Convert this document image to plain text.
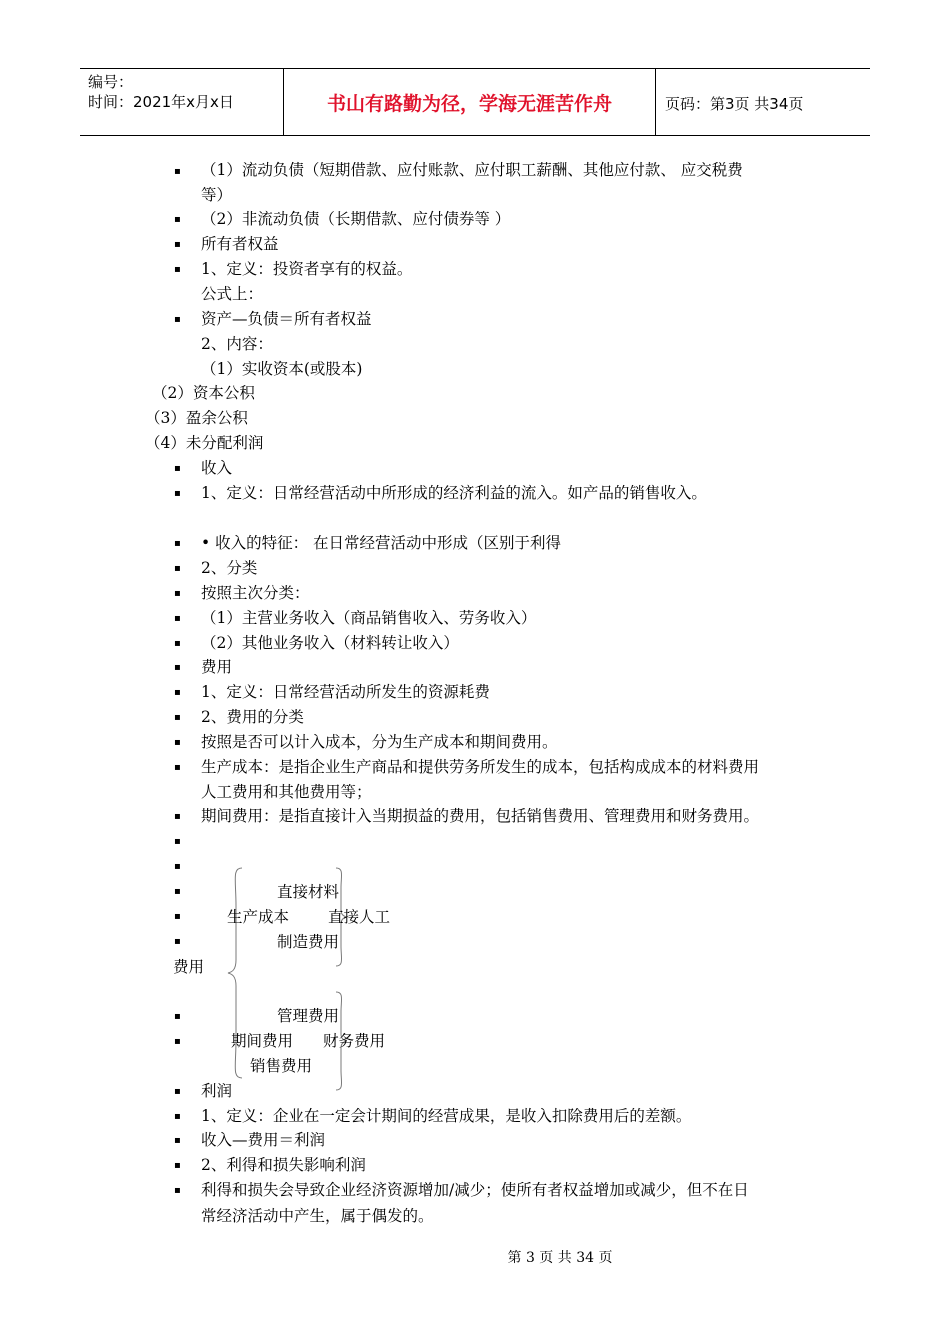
编号：
时间：2021年x月x日	书山有路勤为径，学海无涯苦作舟	页码：第3页 共34页
▪
▪
▪
▪
▪
▪
▪
▪
▪
▪
▪
▪
▪
▪
▪
▪
▪
▪
▪
▪
▪
▪
▪
▪
▪
▪
▪
▪
▪
▪
（1）流动负债（短期借款、应付账款、应付职工薪酬、其他应付款、 应交税费
等）
（2）非流动负债（长期借款、应付债券等 ）
所有者权益
1、定义：投资者享有的权益。
公式上：
资产—负债＝所有者权益
2、内容：
（1）实收资本(或股本)
（2）资本公积
（3）盈余公积
（4）未分配利润
收入
1、定义：日常经营活动中所形成的经济利益的流入。如产品的销售收入。
• 收入的特征： 在日常经营活动中形成（区别于利得
2、分类
按照主次分类：
（1）主营业务收入（商品销售收入、劳务收入）
（2）其他业务收入（材料转让收入）
费用
1、定义：日常经营活动所发生的资源耗费
2、费用的分类
按照是否可以计入成本，分为生产成本和期间费用。
生产成本：是指企业生产商品和提供劳务所发生的成本，包括构成成本的材料费用
人工费用和其他费用等；
期间费用：是指直接计入当期损益的费用，包括销售费用、管理费用和财务费用。
直接材料
生产成本	直接人工
制造费用
费用
管理费用
期间费用 财务费用
销售费用
利润
1、定义：企业在一定会计期间的经营成果，是收入扣除费用后的差额。
收入—费用＝利润
2、利得和损失影响利润
利得和损失会导致企业经济资源增加/减少；使所有者权益增加或减少，但不在日
常经济活动中产生，属于偶发的。
第 3 页 共 34 页
